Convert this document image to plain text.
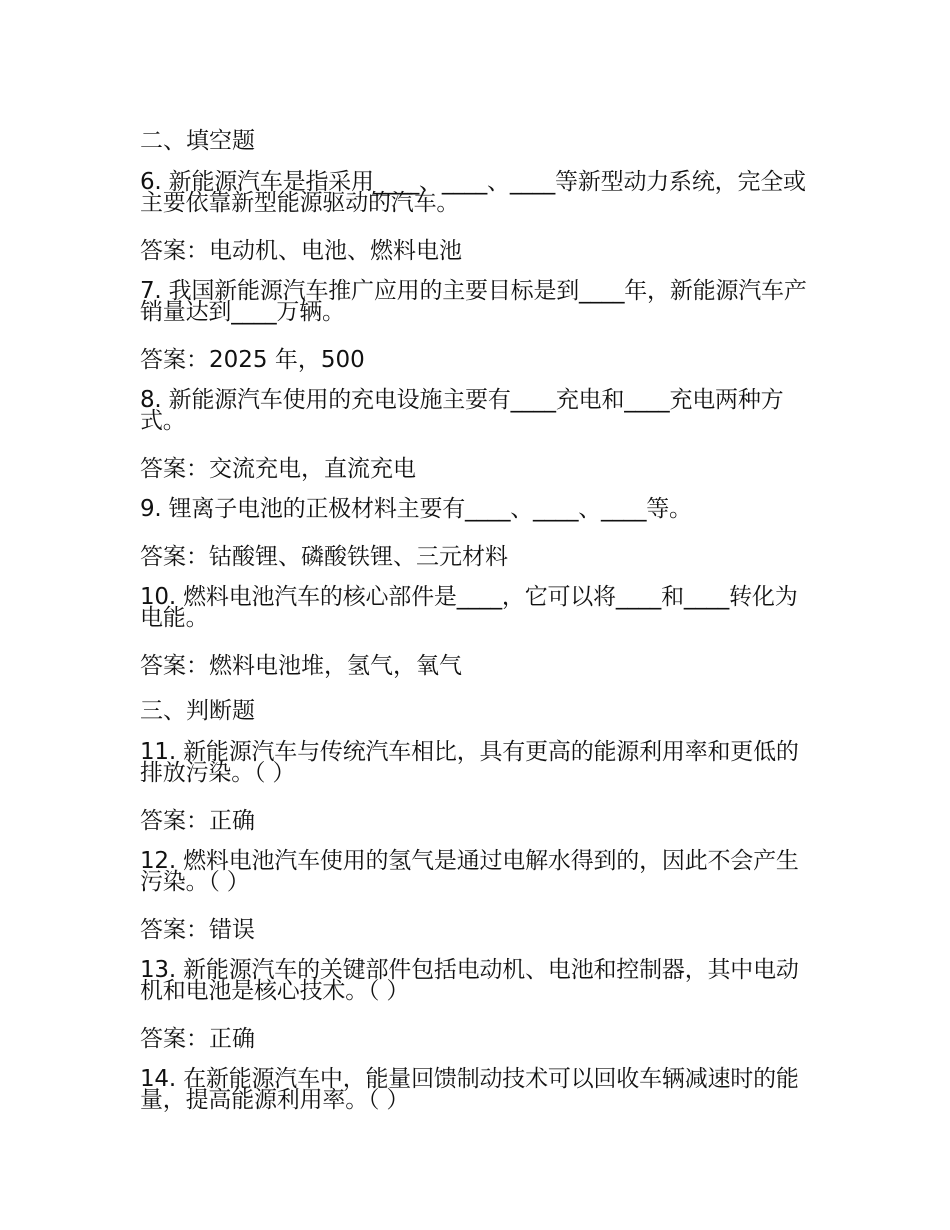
二、填空题
6. 新能源汽车是指采用____、____、____等新型动力系统，完全或主要依靠新型能源驱动的汽车。
答案：电动机、电池、燃料电池
7. 我国新能源汽车推广应用的主要目标是到____年，新能源汽车产销量达到____万辆。
答案：2025 年，500
8. 新能源汽车使用的充电设施主要有____充电和____充电两种方式。
答案：交流充电，直流充电
9. 锂离子电池的正极材料主要有____、____、____等。
答案：钴酸锂、磷酸铁锂、三元材料
10. 燃料电池汽车的核心部件是____，它可以将____和____转化为电能。
答案：燃料电池堆，氢气，氧气
三、判断题
11. 新能源汽车与传统汽车相比，具有更高的能源利用率和更低的排放污染。（ ）
答案：正确
12. 燃料电池汽车使用的氢气是通过电解水得到的，因此不会产生污染。（ ）
答案：错误
13. 新能源汽车的关键部件包括电动机、电池和控制器，其中电动机和电池是核心技术。（ ）
答案：正确
14. 在新能源汽车中，能量回馈制动技术可以回收车辆减速时的能量，提高能源利用率。（ ）
